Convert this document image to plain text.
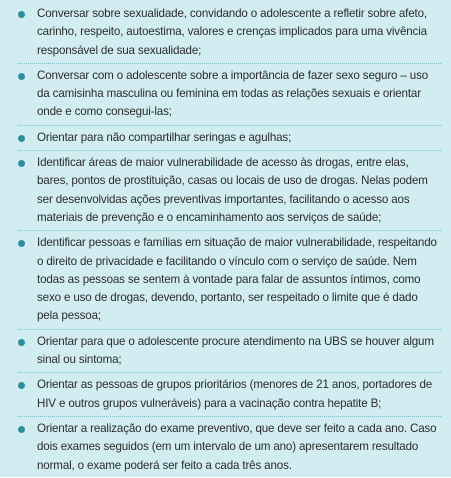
Conversar sobre sexualidade, convidando o adolescente a refletir sobre afeto, carinho, respeito, autoestima, valores e crenças implicados para uma vivência responsável de sua sexualidade;
Conversar com o adolescente sobre a importância de fazer sexo seguro – uso da camisinha masculina ou feminina em todas as relações sexuais e orientar onde e como consegui-las;
Orientar para não compartilhar seringas e agulhas;
Identificar áreas de maior vulnerabilidade de acesso às drogas, entre elas, bares, pontos de prostituição, casas ou locais de uso de drogas. Nelas podem ser desenvolvidas ações preventivas importantes, facilitando o acesso aos materiais de prevenção e o encaminhamento aos serviços de saúde;
Identificar pessoas e famílias em situação de maior vulnerabilidade, respeitando o direito de privacidade e facilitando o vínculo com o serviço de saúde. Nem todas as pessoas se sentem à vontade para falar de assuntos íntimos, como sexo e uso de drogas, devendo, portanto, ser respeitado o limite que é dado pela pessoa;
Orientar para que o adolescente procure atendimento na UBS se houver algum sinal ou sintoma;
Orientar as pessoas de grupos prioritários (menores de 21 anos, portadores de HIV e outros grupos vulneráveis) para a vacinação contra hepatite B;
Orientar a realização do exame preventivo, que deve ser feito a cada ano. Caso dois exames seguidos (em um intervalo de um ano) apresentarem resultado normal, o exame poderá ser feito a cada três anos.
